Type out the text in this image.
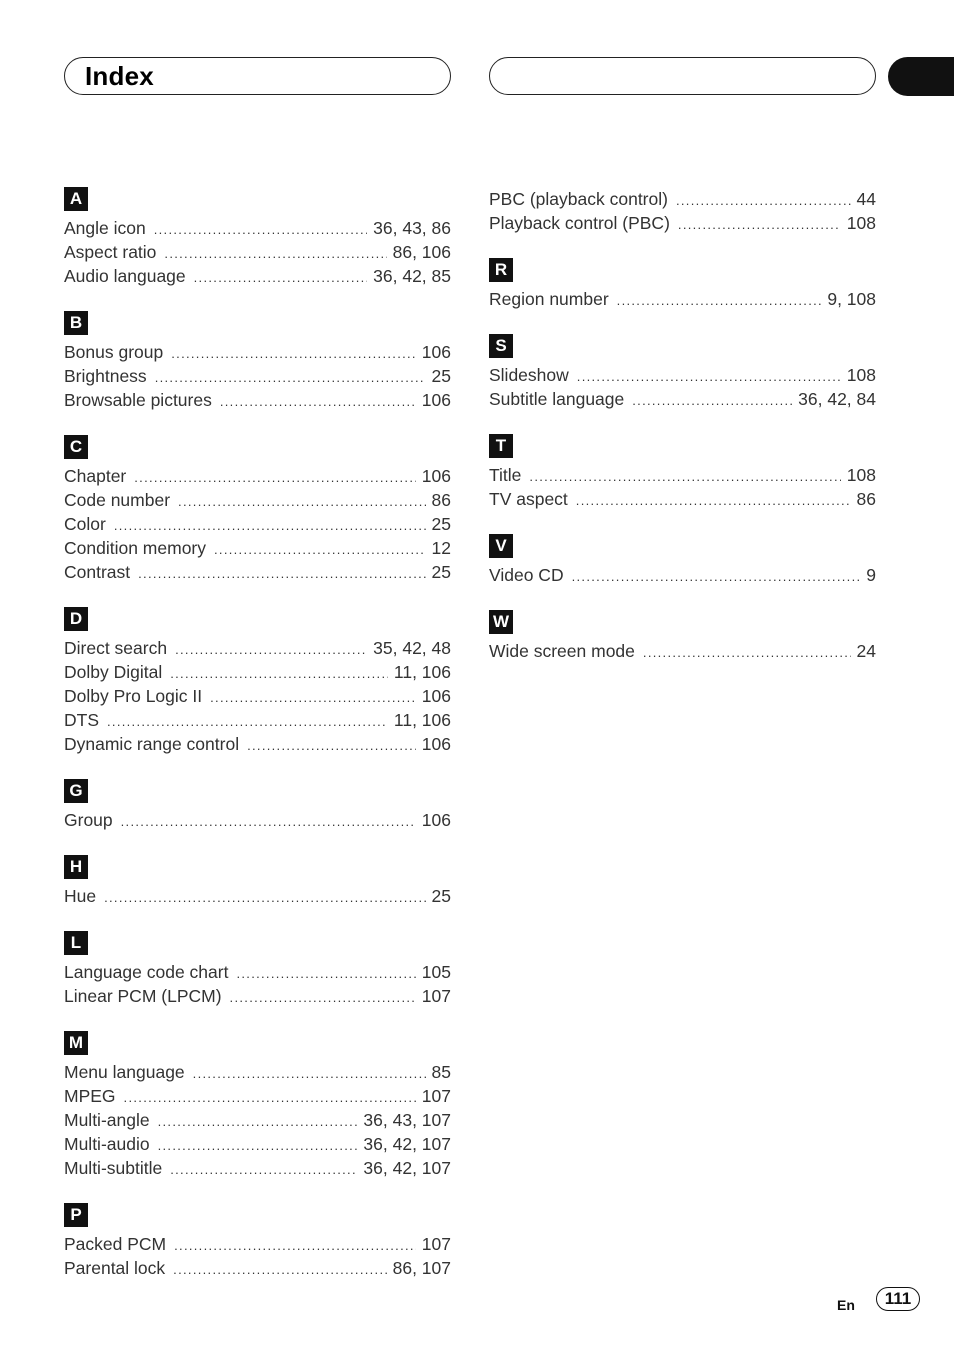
Index
A
Angle icon .....	36, 43, 86
Aspect ratio .....	86, 106
Audio language .....	36, 42, 85
B
Bonus group .....	106
Brightness .....	25
Browsable pictures .....	106
C
Chapter .....	106
Code number .....	86
Color .....	25
Condition memory .....	12
Contrast .....	25
D
Direct search .....	35, 42, 48
Dolby Digital .....	11, 106
Dolby Pro Logic II .....	106
DTS .....	11, 106
Dynamic range control .....	106
G
Group .....	106
H
Hue .....	25
L
Language code chart .....	105
Linear PCM (LPCM) .....	107
M
Menu language .....	85
MPEG .....	107
Multi-angle .....	36, 43, 107
Multi-audio .....	36, 42, 107
Multi-subtitle .....	36, 42, 107
P
Packed PCM .....	107
Parental lock .....	86, 107
PBC (playback control) .....	44
Playback control (PBC) .....	108
R
Region number .....	9, 108
S
Slideshow .....	108
Subtitle language .....	36, 42, 84
T
Title .....	108
TV aspect .....	86
V
Video CD .....	9
W
Wide screen mode .....	24
En	111
